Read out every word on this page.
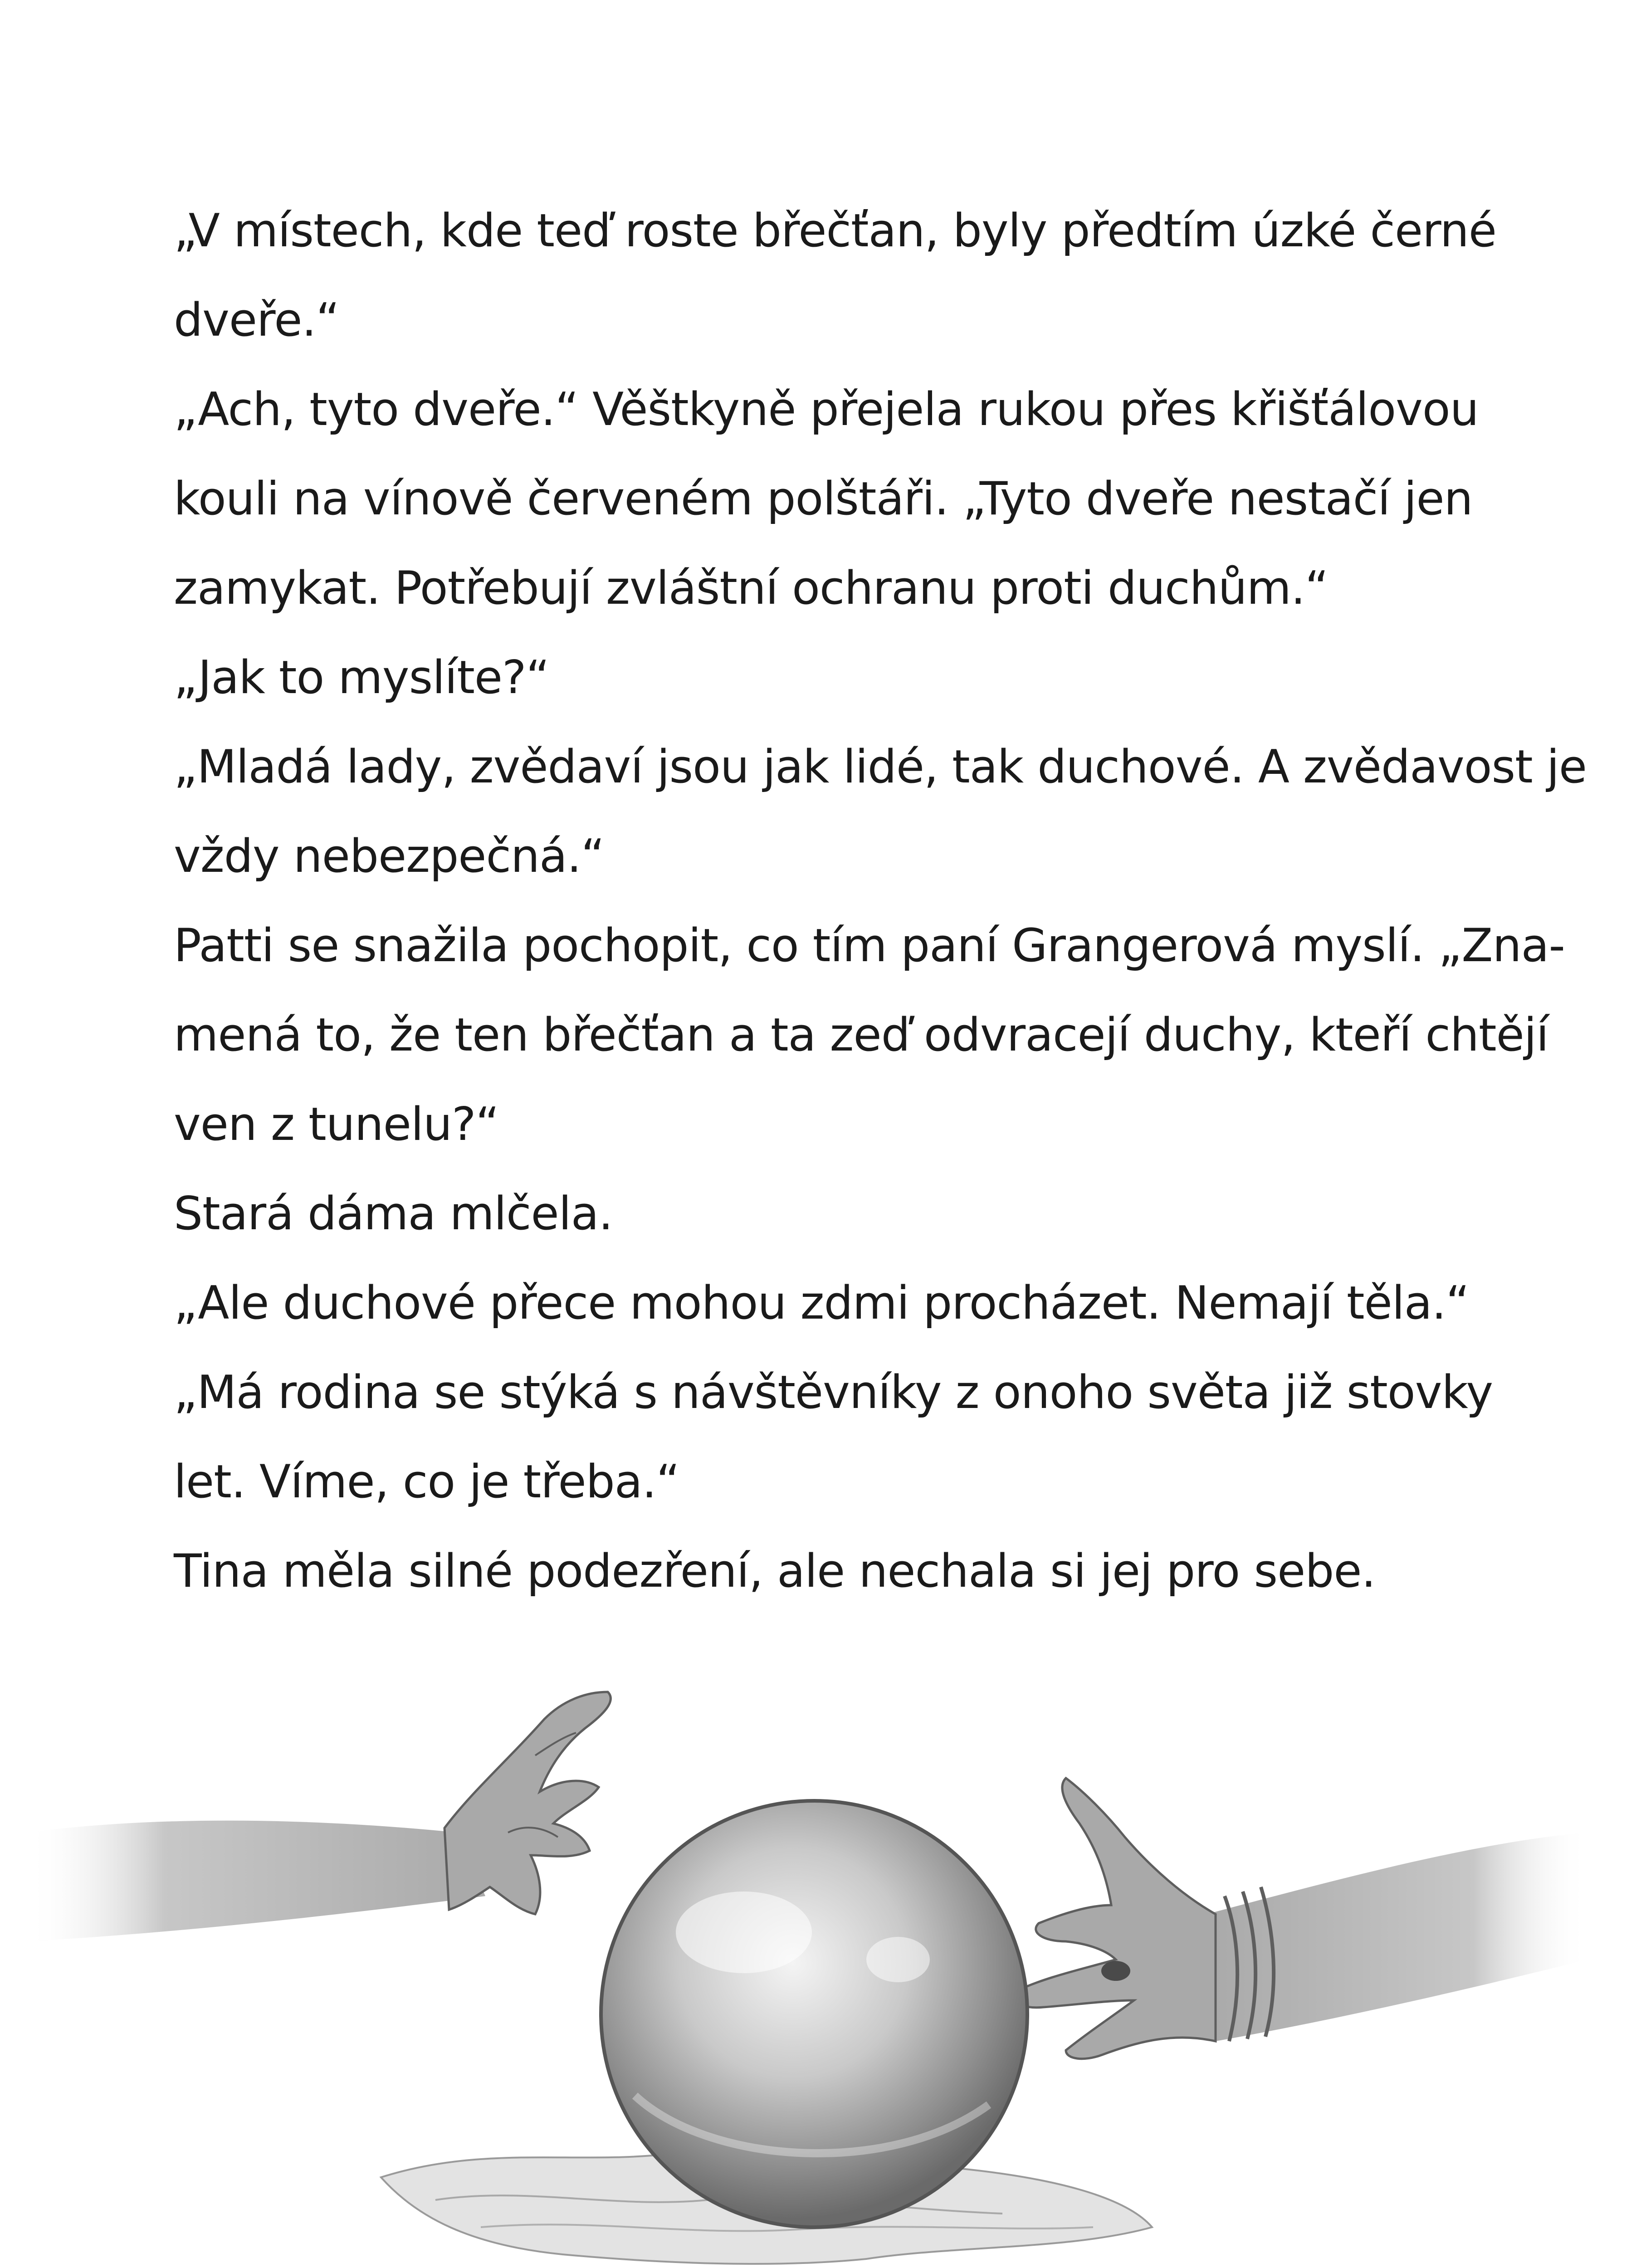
„V místech, kde teď roste břečťan, byly předtím úzké černé
dveře.“
„Ach, tyto dveře.“ Věštkyně přejela rukou přes křišťálovou
kouli na vínově červeném polštáři. „Tyto dveře nestačí jen
zamykat. Potřebují zvláštní ochranu proti duchům.“
„Jak to myslíte?“
„Mladá lady, zvědaví jsou jak lidé, tak duchové. A zvědavost je
vždy nebezpečná.“
Patti se snažila pochopit, co tím paní Grangerová myslí. „Zna-
mená to, že ten břečťan a ta zeď odvracejí duchy, kteří chtějí
ven z tunelu?“
Stará dáma mlčela.
„Ale duchové přece mohou zdmi procházet. Nemají těla.“
„Má rodina se stýká s návštěvníky z onoho světa již stovky
let. Víme, co je třeba.“
Tina měla silné podezření, ale nechala si jej pro sebe.
